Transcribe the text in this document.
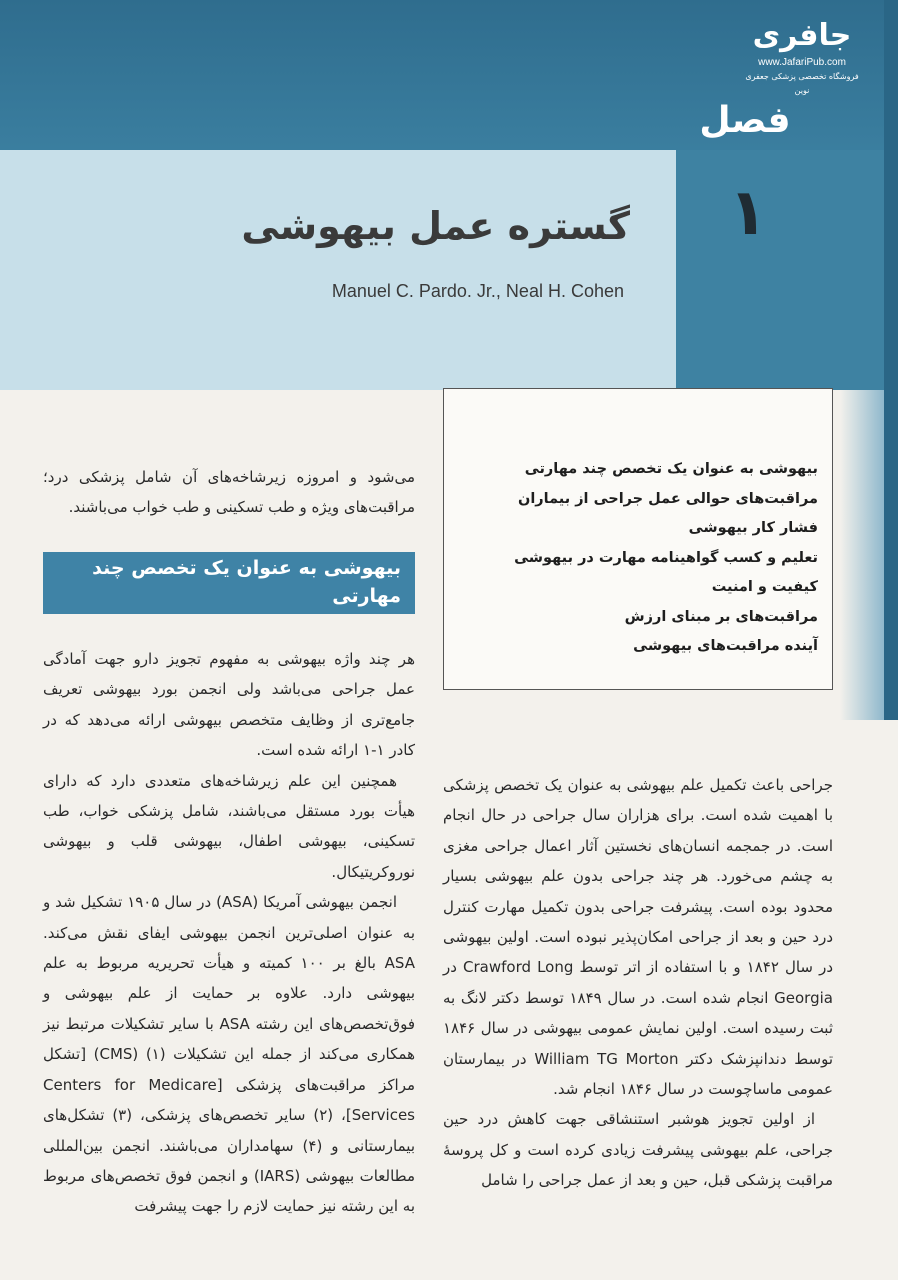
جافری
www.JafariPub.com
فروشگاه تخصصی پزشکی جعفری نوین
فصل
۱
گستره عمل بیهوشی
Manuel C. Pardo. Jr., Neal H. Cohen
بیهوشی به عنوان یک تخصص چند مهارتی
مراقبت‌های حوالی عمل جراحی از بیماران
فشار کار بیهوشی
تعلیم و کسب گواهینامه مهارت در بیهوشی
کیفیت و امنیت
مراقبت‌های بر مبنای ارزش
آینده مراقبت‌های بیهوشی

می‌شود و امروزه زیرشاخه‌های آن شامل پزشکی درد؛ مراقبت‌های ویژه و طب تسکینی و طب خواب می‌باشند.

بیهوشی به عنوان یک تخصص چند مهارتی

هر چند واژه بیهوشی به مفهوم تجویز دارو جهت آمادگی عمل جراحی می‌باشد ولی انجمن بورد بیهوشی تعریف جامع‌تری از وظایف متخصص بیهوشی ارائه می‌دهد که در کادر ۱-۱ ارائه شده است.

همچنین این علم زیرشاخه‌های متعددی دارد که دارای هیأت بورد مستقل می‌باشند، شامل پزشکی خواب، طب تسکینی، بیهوشی اطفال، بیهوشی قلب و بیهوشی نوروکریتیکال.

انجمن بیهوشی آمریکا (ASA) در سال ۱۹۰۵ تشکیل شد و به عنوان اصلی‌ترین انجمن بیهوشی ایفای نقش می‌کند. ASA بالغ بر ۱۰۰ کمیته و هیأت تحریریه مربوط به علم بیهوشی دارد. علاوه بر حمایت از علم بیهوشی و فوق‌تخصص‌های این رشته ASA با سایر تشکیلات مرتبط نیز همکاری می‌کند از جمله این تشکیلات (۱) (CMS) [تشکل مراکز مراقبت‌های پزشکی [Centers for Medicare Services]، (۲) سایر تخصص‌های پزشکی، (۳) تشکل‌های بیمارستانی و (۴) سهامداران می‌باشند. انجمن بین‌المللی مطالعات بیهوشی (IARS) و انجمن فوق تخصص‌های مربوط به این رشته نیز حمایت لازم را جهت پیشرفت

جراحی باعث تکمیل علم بیهوشی به عنوان یک تخصص پزشکی با اهمیت شده است. برای هزاران سال جراحی در حال انجام است. در جمجمه انسان‌های نخستین آثار اعمال جراحی مغزی به چشم می‌خورد. هر چند جراحی بدون علم بیهوشی بسیار محدود بوده است. پیشرفت جراحی بدون تکمیل مهارت کنترل درد حین و بعد از جراحی امکان‌پذیر نبوده است. اولین بیهوشی در سال ۱۸۴۲ و با استفاده از اتر توسط Crawford Long در Georgia انجام شده است. در سال ۱۸۴۹ توسط دکتر لانگ به ثبت رسیده است. اولین نمایش عمومی بیهوشی در سال ۱۸۴۶ توسط دندانپزشک دکتر William TG Morton در بیمارستان عمومی ماساچوست در سال ۱۸۴۶ انجام شد.

از اولین تجویز هوشبر استنشاقی جهت کاهش درد حین جراحی، علم بیهوشی پیشرفت زیادی کرده است و کل پروسهٔ مراقبت پزشکی قبل، حین و بعد از عمل جراحی را شامل
